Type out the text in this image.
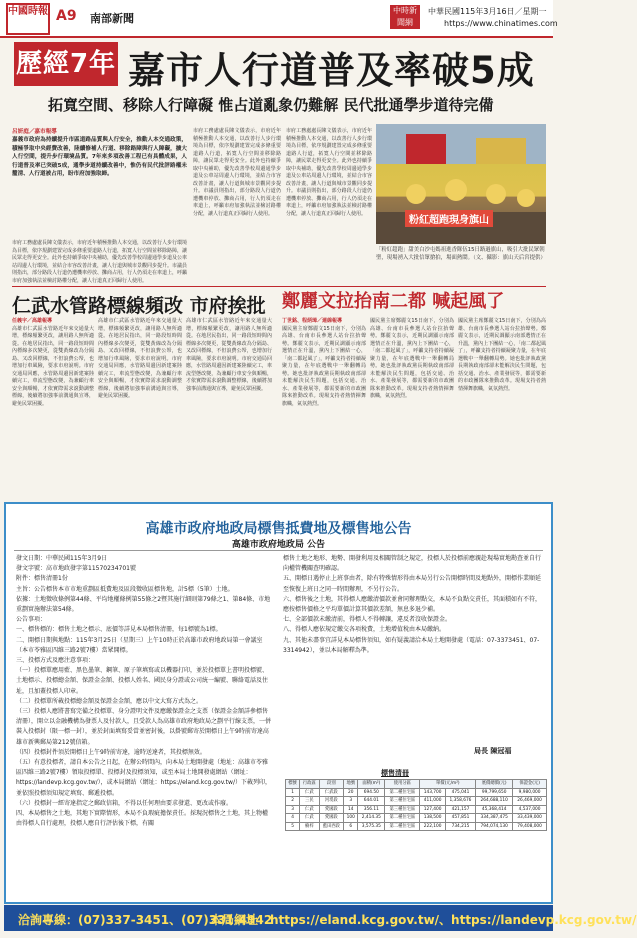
中國時報 A9 南部新聞
中時新聞網
中華民國115年3月16日／星期一
https://www.chinatimes.com
歷經7年 嘉市人行道普及率破5成
拓寬空間、移除人行障礙 惟占道亂象仍難解 民代批通學步道待完備
呂妍庭／嘉市報導
嘉義市政府為持續提升市區道路品質與人行安全，推動人本交通政策，積極爭取中央經費改善，陸續修補人行道、移除路障與行人障礙，擴大人行空間，提升步行環境品質。7年來多項改善工程已有具體成果，人行道普及率已突破5成，通學步道持續改善中，惟仍有民代批評路權未釐清、人行道被占用，盼市府加強取締。
市府工務處處長陳文儀表示，市府近年積極推動人本交通，以改善行人步行環境為目標，依序規劃建置完成多條重要道路人行道，拓寬人行空間並移除路障，讓民眾走得更安全。此外也持續爭取中央補助，優先改善學校周邊通學步道及公車站周邊人行環境，並結合市容改善計畫，讓人行道與城市景觀同步提升。市議員則指出，部分路段人行道仍遭機車停放、攤商占用，行人仍須走在車道上，呼籲市府加強執法並檢討路權分配，讓人行道真正回歸行人使用。
市府工務處處長陳文儀表示，市府近年積極推動人本交通，以改善行人步行環境為目標，依序規劃建置完成多條重要道路人行道，拓寬人行空間並移除路障，讓民眾走得更安全。此外也持續爭取中央補助，優先改善學校周邊通學步道及公車站周邊人行環境，並結合市容改善計畫，讓人行道與城市景觀同步提升。市議員則指出，部分路段人行道仍遭機車停放、攤商占用，行人仍須走在車道上，呼籲市府加強執法並檢討路權分配，讓人行道真正回歸行人使用。
市府工務處處長陳文儀表示，市府近年積極推動人本交通，以改善行人步行環境為目標，依序規劃建置完成多條重要道路人行道，拓寬人行空間並移除路障，讓民眾走得更安全。此外也持續爭取中央補助，優先改善學校周邊通學步道及公車站周邊人行環境，並結合市容改善計畫，讓人行道與城市景觀同步提升。市議員則指出，部分路段人行道仍遭機車停放、攤商占用，行人仍須走在車道上，呼籲市府加強執法並檢討路權分配，讓人行道真正回歸行人使用。
粉紅超跑現身旗山
「粉紅超跑」甜美白沙屯媽祖進香隊伍15日路過旗山，吸引大批民眾朝聖，現場湧入大批信眾搶拍，場面熱鬧。（文、攝影：旗山天后宮提供）
仁武水管路標線頻改 市府挨批
任義宇／高雄報導
高雄市仁武區水管路近年來交通量大增，標線頻繁更改，讓用路人無所適從。在地居民指出，同一路段短時間內標線多次變更，從雙黃線改為分隔島、又改回標線，不但浪費公帑，也增加行車風險，要求市府說明。市府交通局回應，水管路周邊因新建案陸續完工，車流型態改變，為兼顧行車安全與順暢，才依實際需求滾動調整標線，後續將加強事前溝通與宣導，避免民眾困擾。
高雄市仁武區水管路近年來交通量大增，標線頻繁更改，讓用路人無所適從。在地居民指出，同一路段短時間內標線多次變更，從雙黃線改為分隔島、又改回標線，不但浪費公帑，也增加行車風險，要求市府說明。市府交通局回應，水管路周邊因新建案陸續完工，車流型態改變，為兼顧行車安全與順暢，才依實際需求滾動調整標線，後續將加強事前溝通與宣導，避免民眾困擾。
高雄市仁武區水管路近年來交通量大增，標線頻繁更改，讓用路人無所適從。在地居民指出，同一路段短時間內標線多次變更，從雙黃線改為分隔島、又改回標線，不但浪費公帑，也增加行車風險，要求市府說明。市府交通局回應，水管路周邊因新建案陸續完工，車流型態改變，為兼顧行車安全與順暢，才依實際需求滾動調整標線，後續將加強事前溝通與宣導，避免民眾困擾。
鄭麗文拉抬南二都 喊起風了
丁世銘、程炳璋／連線報導
國民黨主席鄭麗文15日南下，分別為高雄、台南市長參選人站台拉抬聲勢。鄭麗文表示，近期民調顯示南部選情正在升溫，黨內上下團結一心，「南二都起風了」，呼籲支持者持續凝聚力量，在年底選戰中一舉翻轉局勢。她也批評執政黨長期執政南部卻未能解決民生問題，包括交通、治水、產業發展等，都需要新的市政團隊來推動改革。現場支持者熱情揮舞旗幟，氣氛熱烈。
國民黨主席鄭麗文15日南下，分別為高雄、台南市長參選人站台拉抬聲勢。鄭麗文表示，近期民調顯示南部選情正在升溫，黨內上下團結一心，「南二都起風了」，呼籲支持者持續凝聚力量，在年底選戰中一舉翻轉局勢。她也批評執政黨長期執政南部卻未能解決民生問題，包括交通、治水、產業發展等，都需要新的市政團隊來推動改革。現場支持者熱情揮舞旗幟，氣氛熱烈。
國民黨主席鄭麗文15日南下，分別為高雄、台南市長參選人站台拉抬聲勢。鄭麗文表示，近期民調顯示南部選情正在升溫，黨內上下團結一心，「南二都起風了」，呼籲支持者持續凝聚力量，在年底選戰中一舉翻轉局勢。她也批評執政黨長期執政南部卻未能解決民生問題，包括交通、治水、產業發展等，都需要新的市政團隊來推動改革。現場支持者熱情揮舞旗幟，氣氛熱烈。
高雄市政府地政局標售抵費地及標售地公告
高雄市政府地政局 公告
發文日期：中華民國115年3月9日
發文字號：高市地政發字第11570234701號
附件：標售清冊1份
主旨：公告標售本市市地重劃區抵費地及區段徵收區標售地，計5標（5筆）土地。
依據：土地徵收條例第44條、平均地權條例第55條之2暨其施行細則第79條之1、第84條、市地重劃實施辦法第54條。
公告事項：
一、標售標的：標售土地之標示、底價等詳見本局標售清冊，每1標號為1標。
二、開標日期與地點：115年3月25日（星期三）上午10時正於高雄市政府地政局第一會議室（本市苓雅區四維三路2號7樓）當眾開標。
三、投標方式及應注意事項：
（一）投標單應用藍、黑色墨筆、鋼筆、原子筆填寫或以機器打印，並於投標單上書明投標號、土地標示、投標總金額、保證金金額、投標人姓名、國民身分證或公司統一編號、聯絡電話及住址，且加蓋投標人印章。
（二）投標單所載投標總金額及保證金金額，應以中文大寫方式為之。
（三）投標人應將書寫完備之投標單、身分證明文件及應繳保證金之支票（保證金金額詳參標售清冊），開立以金融機構為發票人及付款人，且受款人為高雄市政府地政局之劃平行線支票，一併裝入投標封（限一標一封），並於封面填寫妥當並密封後，以掛號郵寄於開標日上午9時前寄達高雄市新興郵局第212號信箱。
（四）投標封件須於開標日上午9時前寄達，逾時送達者，其投標無效。
（五）有意投標者，請自本公告之日起，在辦公時間內，向本局土地開發處（地址：高雄市苓雅區四維三路2號7樓）領取投標單、投標封及投標須知，或至本局土地開發處網站（網址：https://landevp.kcg.gov.tw/），或本局網站（網址：https://eland.kcg.gov.tw/）下載列印，並依照投標須知規定填寫、郵遞投標。
（六）投標封一經寄達指定之郵政信箱，不得以任何理由要求發還、更改或作廢。
四、本局標售之土地，其地下實際情形，本局不負瑕疵擔保責任。採現況標售之土地，其上物權由得標人自行處理，投標人應自行評估後下標，有關
標售土地之地形、地勢、開發利用及相關管制之規定，投標人於投標前應親赴現場實地勘查並自行向權管機關查明確認。
五、開標日遇停止上班事由者，除有特殊情形得由本局另行公告開標時間及地點外，開標作業順延至恢復上班日之同一時間辦理，不另行公告。
六、標售後之土地，其得標人應繳清價款並會同辦理點交，本局不負點交責任，其面積如有不符，應按標售價格之平均單價計算其價款差額，無息多退少補。
七、全部價款未繳清前，得標人不得轉讓，違反者沒收保證金。
八、得標人應依規定繳交各項稅費，土地增值稅由本局繳納。
九、其他未盡事宜詳見本局標售須知，如有疑義請洽本局土地開發處（電話：07-3373451、07-3314942），並以本局解釋為準。
局長 陳冠福
標售清冊
標號	行政區	段別	地號	面積(m²)	使用分區	單價(元/m²)		底價總價(元)	保證金(元)
1	仁武	仁武段	20	694.50	第二種住宅區	143,700	475,041	99,799,650	9,980,000
2	三民	河堤段	3	644.01	第三種住宅區	411,000	1,358,676	264,688,110	26,469,000
3	仁武	愛國段	14	356.11	第三種住宅區	127,400	421,157	45,368,414	4,537,000
4	仁武	愛國段	100	2,414.35	第二種住宅區	138,500	457,851	334,387,475	33,439,000
5	楠梓	藍田西段	6	3,575.35	第二種住宅區	222,100	734,215	794,074,130	79,408,000
洽詢專線：(07)337-3451、(07)331-4942
本局網址：https://eland.kcg.gov.tw/、https://landevp.kcg.gov.tw/
